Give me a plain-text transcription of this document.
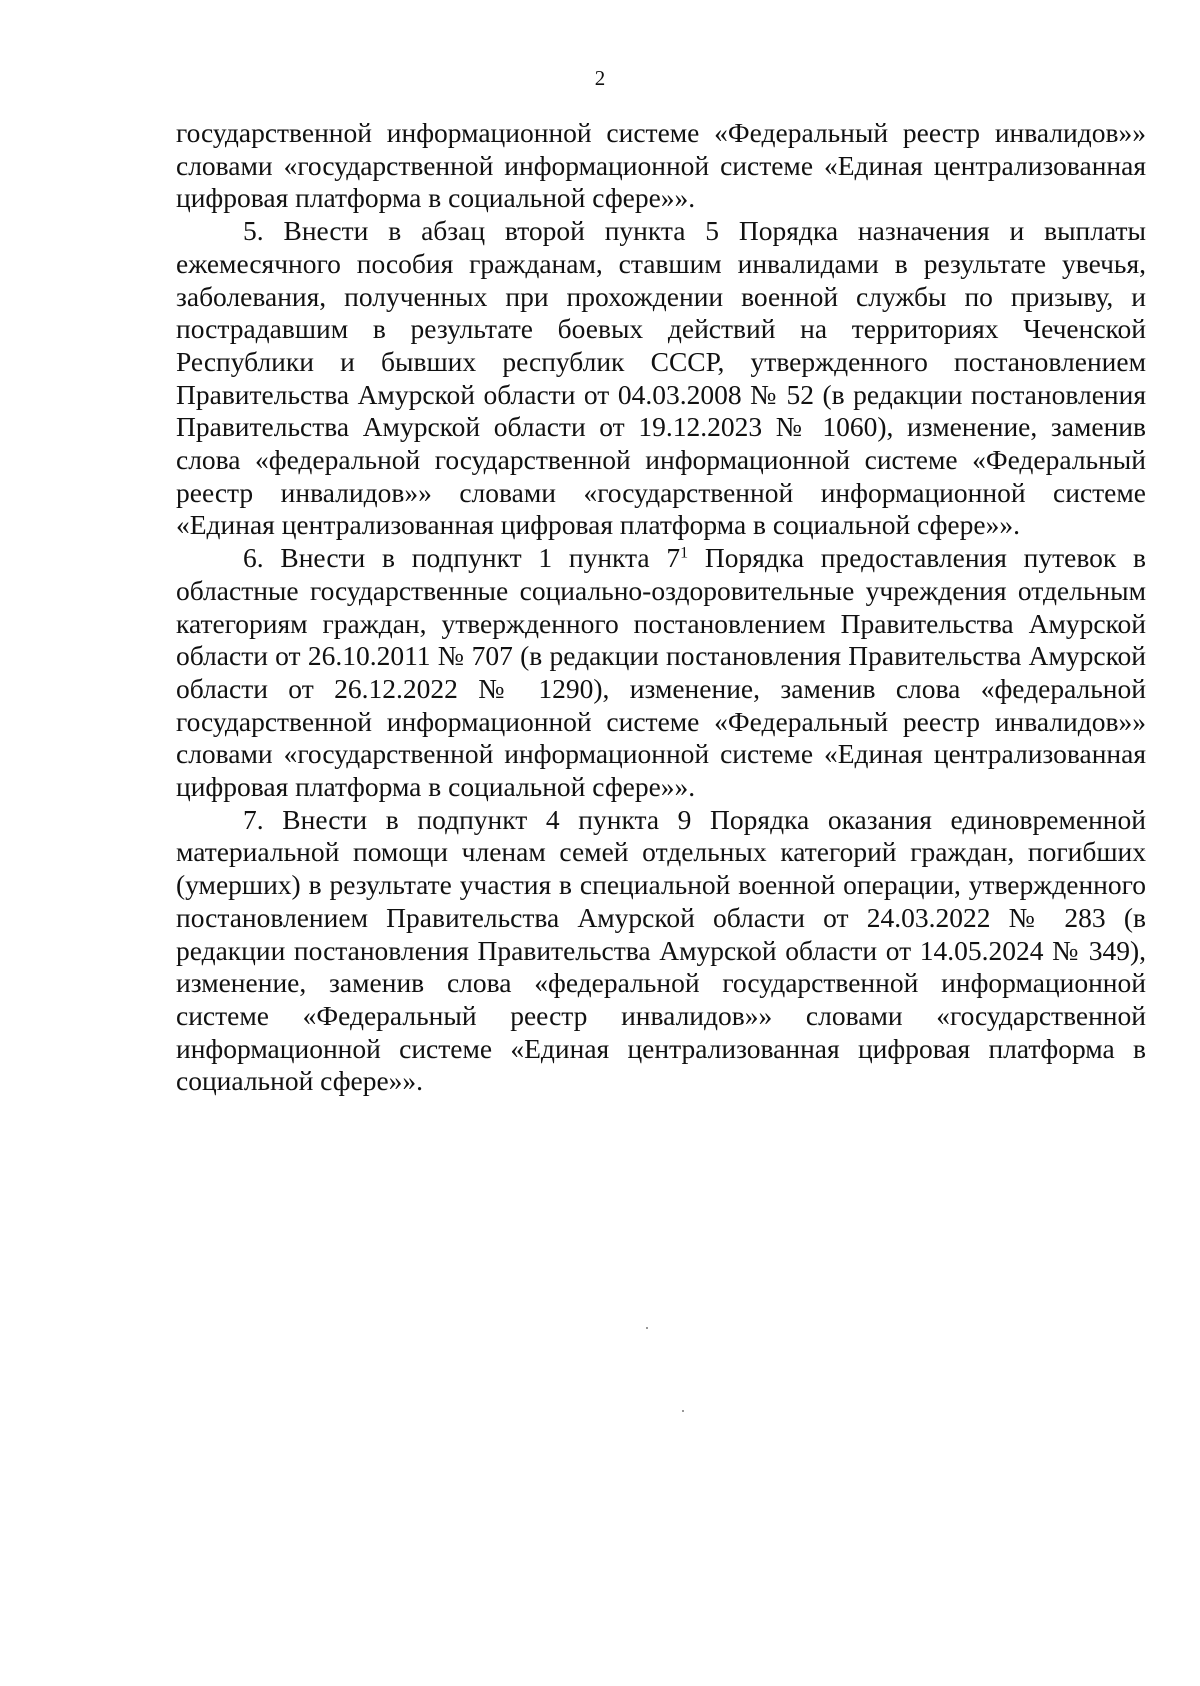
2

государственной информационной системе «Федеральный реестр инвалидов»» словами «государственной информационной системе «Единая централизованная цифровая платформа в социальной сфере»».

5. Внести в абзац второй пункта 5 Порядка назначения и выплаты ежемесячного пособия гражданам, ставшим инвалидами в результате увечья, заболевания, полученных при прохождении военной службы по призыву, и пострадавшим в результате боевых действий на территориях Чеченской Республики и бывших республик СССР, утвержденного постановлением Правительства Амурской области от 04.03.2008 № 52 (в редакции постановления Правительства Амурской области от 19.12.2023 № 1060), изменение, заменив слова «федеральной государственной информационной системе «Федеральный реестр инвалидов»» словами «государственной информационной системе «Единая централизованная цифровая платформа в социальной сфере»».

6. Внести в подпункт 1 пункта $7^1$ Порядка предоставления путевок в областные государственные социально-оздоровительные учреждения отдельным категориям граждан, утвержденного постановлением Правительства Амурской области от 26.10.2011 № 707 (в редакции постановления Правительства Амурской области от 26.12.2022 № 1290), изменение, заменив слова «федеральной государственной информационной системе «Федеральный реестр инвалидов»» словами «государственной информационной системе «Единая централизованная цифровая платформа в социальной сфере»».

7. Внести в подпункт 4 пункта 9 Порядка оказания единовременной материальной помощи членам семей отдельных категорий граждан, погибших (умерших) в результате участия в специальной военной операции, утвержденного постановлением Правительства Амурской области от 24.03.2022 № 283 (в редакции постановления Правительства Амурской области от 14.05.2024 № 349), изменение, заменив слова «федеральной государственной информационной системе «Федеральный реестр инвалидов»» словами «государственной информационной системе «Единая централизованная цифровая платформа в социальной сфере»».
